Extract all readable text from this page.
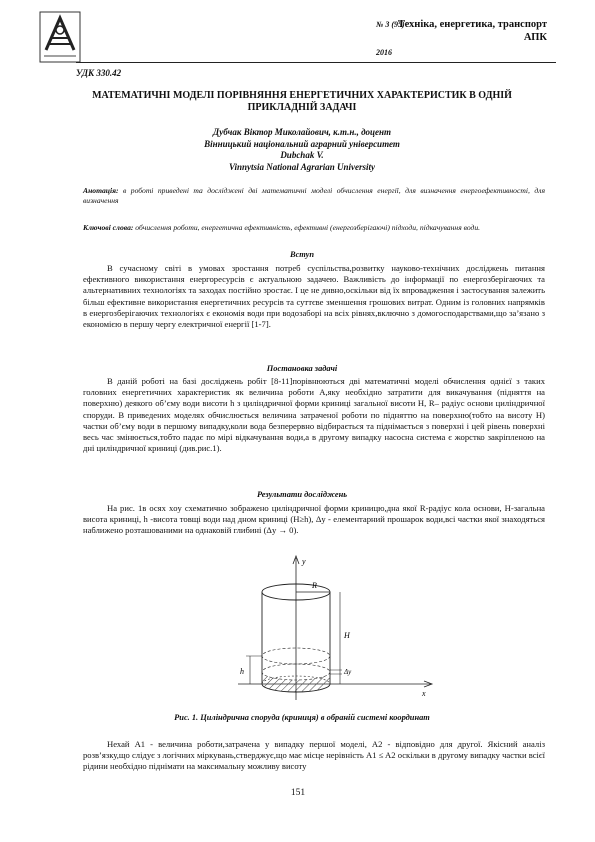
№ 3 (95)
2016
Техніка, енергетика, транспорт АПК
УДК 330.42
МАТЕМАТИЧНІ МОДЕЛІ ПОРІВНЯННЯ ЕНЕРГЕТИЧНИХ ХАРАКТЕРИСТИК В ОДНІЙ ПРИКЛАДНІЙ ЗАДАЧІ
Дубчак Віктор Миколайович, к.т.н., доцент
Вінницький національний аграрний університет
Dubchak V.
Vinnytsia National Agrarian University
Анотація: в роботі приведені та досліджені дві математичні моделі обчислення енергії, для визначення енергоефективності, для визначення
Ключові слова: обчислення роботи, енергетична ефективність, ефективні (енергозберігаючі) підходи, підкачування води.
Вступ
В сучасному світі в умовах зростання потреб суспільства,розвитку науково-технічних досліджень питання ефективного використання енергоресурсів є актуальною задачею. Важливість до інформації по енергозберігаючих та альтернативних технологіях та заходах постійно зростає. І це не дивно,оскільки від їх впровадження і застосування залежить більш ефективне використання енергетичних ресурсів та суттєве зменшення грошових витрат. Одним із головних напрямків в енергозберігаючих технологіях є економія води при водозаборі на всіх рівнях,включно з домогосподарствами,що за’язано з економією в першу чергу електричної енергії [1-7].
Постановка задачі
В даній роботі на базі досліджень робіт [8-11]порівнюються дві математичні моделі обчислення однієї з таких головних енергетичних характеристик як величина роботи A,яку необхідно затратити для викачування (підняття на поверхню) деякого об’єму води висоти h з циліндричної форми криниці загальної висоти H, R– радіус основи циліндричної споруди. В приведених моделях обчислюється величина затраченої роботи по підняттю на поверхню(тобто на висоту H) частки об’єму води в першому випадку,коли вода безперервно відбирається та піднімається з поверхні і цей рівень поверхні весь час змінюється,тобто падає по мірі відкачування води,а в другому випадку насосна система є жорстко закріпленою на дні циліндричної криниці (див.рис.1).
Результати досліджень
На рис. 1в осях xoy схематично зображено циліндричної форми криницю,дна якої R-радіус кола основи, H-загальна висота криниці, h -висота товщі води над дном криниці (H≥h), Δy - елементарний прошарок води,всі частки якої знаходяться наближено розташованими на однаковій глибині (Δy → 0).
y
x
R
H
h	Δy
Рис. 1. Циліндрична споруда (криниця) в обраній системі координат
Нехай A1 - величина роботи,затрачена у випадку першої моделі, A2 - відповідно для другої. Якісний аналіз розв’язку,що слідує з логічних міркувань,стверджує,що має місце нерівність A1 ≤ A2 оскільки в другому випадку частки всієї рідини необхідно піднімати на максимальну можливу висоту
151
